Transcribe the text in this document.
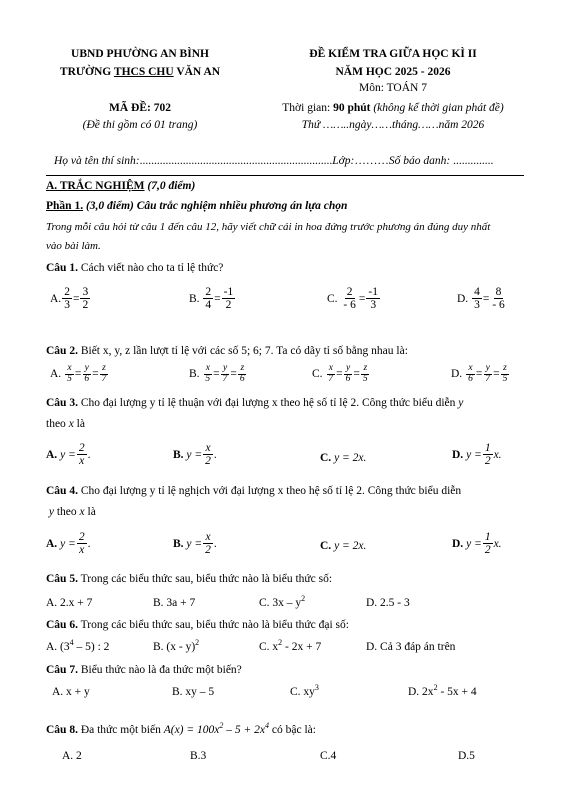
UBND PHƯỜNG AN BÌNH
TRƯỜNG THCS CHU VĂN AN
ĐỀ KIỂM TRA GIỮA HỌC KÌ II
NĂM HỌC 2025 - 2026
Môn: TOÁN 7
MÃ ĐỀ: 702
(Đề thi gồm có 01 trang)
Thời gian: 90 phút (không kể thời gian phát đề)
Thứ ……..ngày……tháng……năm 2026
Họ và tên thí sinh:...................................................................Lớp:………Số báo danh: ..............
A. TRẮC NGHIỆM (7,0 điểm)
Phần 1. (3,0 điểm) Câu trắc nghiệm nhiều phương án lựa chọn
Trong mỗi câu hỏi từ câu 1 đến câu 12, hãy viết chữ cái in hoa đứng trước phương án đúng duy nhất
vào bài làm.
Câu 1. Cách viết nào cho ta tỉ lệ thức?
A. $\frac{2}{3} = \frac{3}{2}$	B.
$\frac{2}{4} = \frac{-1}{2}$	C.
$\frac{2}{- 6} = \frac{-1}{3}$	D.
$\frac{4}{3} = \frac{8}{- 6}$
Câu 2. Biết x, y, z lần lượt tỉ lệ với các số 5; 6; 7. Ta có dãy tỉ số bằng nhau là:
A.
$\frac{x}{5} = \frac{y}{6} = \frac{z}{7}$	B.
$\frac{x}{5} = \frac{y}{7} = \frac{z}{6}$	C.
$\frac{x}{7} = \frac{y}{6} = \frac{z}{5}$	D.
$\frac{x}{6} = \frac{y}{7} = \frac{z}{5}$
Câu 3. Cho đại lượng y tỉ lệ thuận với đại lượng x theo hệ số tỉ lệ 2. Công thức biểu diễn y
theo x là
A.
$y = \frac{2}{x}$ .	B.
$y = \frac{x}{2}$ .	C.
y = 2x.	D.
$y = \frac{1}{2} x$.
Câu 4. Cho đại lượng y tỉ lệ nghịch với đại lượng x theo hệ số tỉ lệ 2. Công thức biểu diễn
y theo x là
A.
$y = \frac{2}{x}$ .	B.
$y = \frac{x}{2}$ .	C.
y = 2x.	D.
$y = \frac{1}{2} x$.
Câu 5. Trong các biểu thức sau, biểu thức nào là biểu thức số:
A. 2.x + 7	B. 3a + 7	C. $3x - y^2$	D. 2.5 - 3
Câu 6. Trong các biểu thức sau, biểu thức nào là biểu thức đại số:
A. $(3^4 - 5)$ : 2	B. (x - y)$^2$	C. $x^2 - 2x + 7$	D. Cả 3 đáp án trên
Câu 7. Biểu thức nào là đa thức một biến?
A. x + y	B. xy – 5	C. $xy^3$	D. $2x^2 - 5x + 4$
Câu 8. Đa thức một biến $A(x) = 100x^2 - 5 + 2x^4$ có bậc là:
A. 2	B.3	C.4	D.5
